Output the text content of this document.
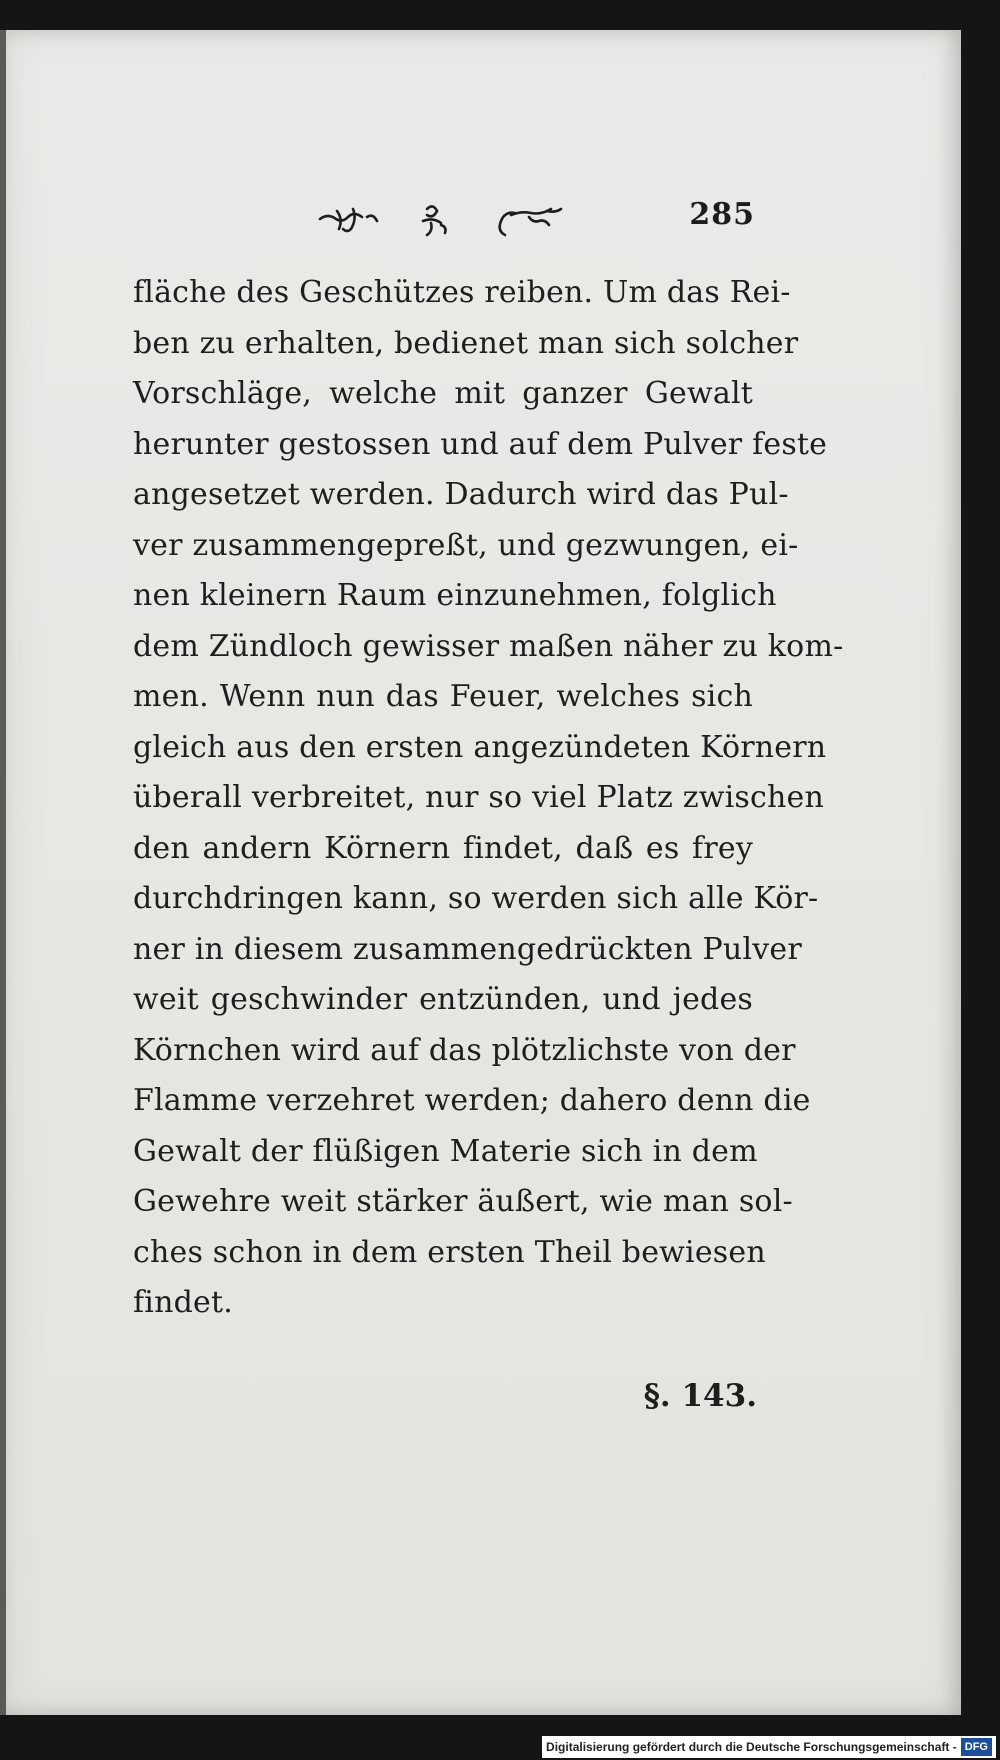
285
fläche des Geschützes reiben. Um das Rei-
ben zu erhalten, bedienet man sich solcher
Vorschläge, welche mit ganzer Gewalt
herunter gestossen und auf dem Pulver feste
angesetzet werden. Dadurch wird das Pul-
ver zusammengepreßt, und gezwungen, ei-
nen kleinern Raum einzunehmen, folglich
dem Zündloch gewisser maßen näher zu kom-
men. Wenn nun das Feuer, welches sich
gleich aus den ersten angezündeten Körnern
überall verbreitet, nur so viel Platz zwischen
den andern Körnern findet, daß es frey
durchdringen kann, so werden sich alle Kör-
ner in diesem zusammengedrückten Pulver
weit geschwinder entzünden, und jedes
Körnchen wird auf das plötzlichste von der
Flamme verzehret werden; dahero denn die
Gewalt der flüßigen Materie sich in dem
Gewehre weit stärker äußert, wie man sol-
ches schon in dem ersten Theil bewiesen
findet.
§. 143.
Digitalisierung gefördert durch die Deutsche Forschungsgemeinschaft - DFG
